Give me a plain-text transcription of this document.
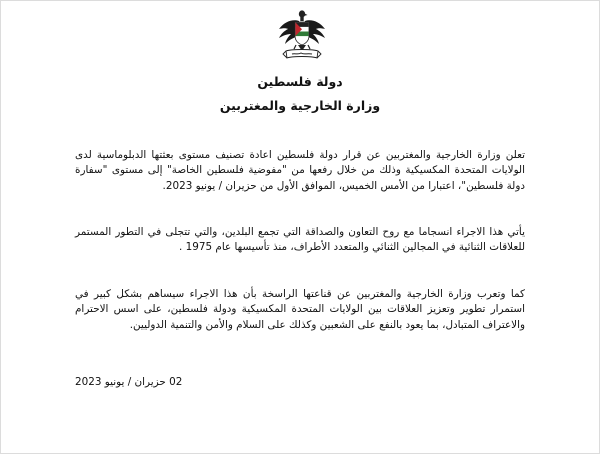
دولة فلسطين
وزارة الخارجية والمغتربين
تعلن وزارة الخارجية والمغتربين عن قرار دولة فلسطين اعادة تصنيف مستوى بعثتها الدبلوماسية لدى الولايات المتحدة المكسيكية وذلك من خلال رفعها من "مفوضية فلسطين الخاصة" إلى مستوى "سفارة دولة فلسطين"، اعتبارا من الأمس الخميس، الموافق الأول من حزيران / يونيو 2023.
يأتي هذا الاجراء انسجاما مع روح التعاون والصداقة التي تجمع البلدين، والتي تتجلى في التطور المستمر للعلاقات الثنائية في المجالين الثنائي والمتعدد الأطراف، منذ تأسيسها عام 1975 .
كما وتعرب وزارة الخارجية والمغتربين عن قناعتها الراسخة بأن هذا الاجراء سيساهم بشكل كبير في استمرار تطوير وتعزيز العلاقات بين الولايات المتحدة المكسيكية ودولة فلسطين، على اسس الاحترام والاعتراف المتبادل، بما يعود بالنفع على الشعبين وكذلك على السلام والأمن والتنمية الدوليين.
02 حزيران / يونيو 2023
